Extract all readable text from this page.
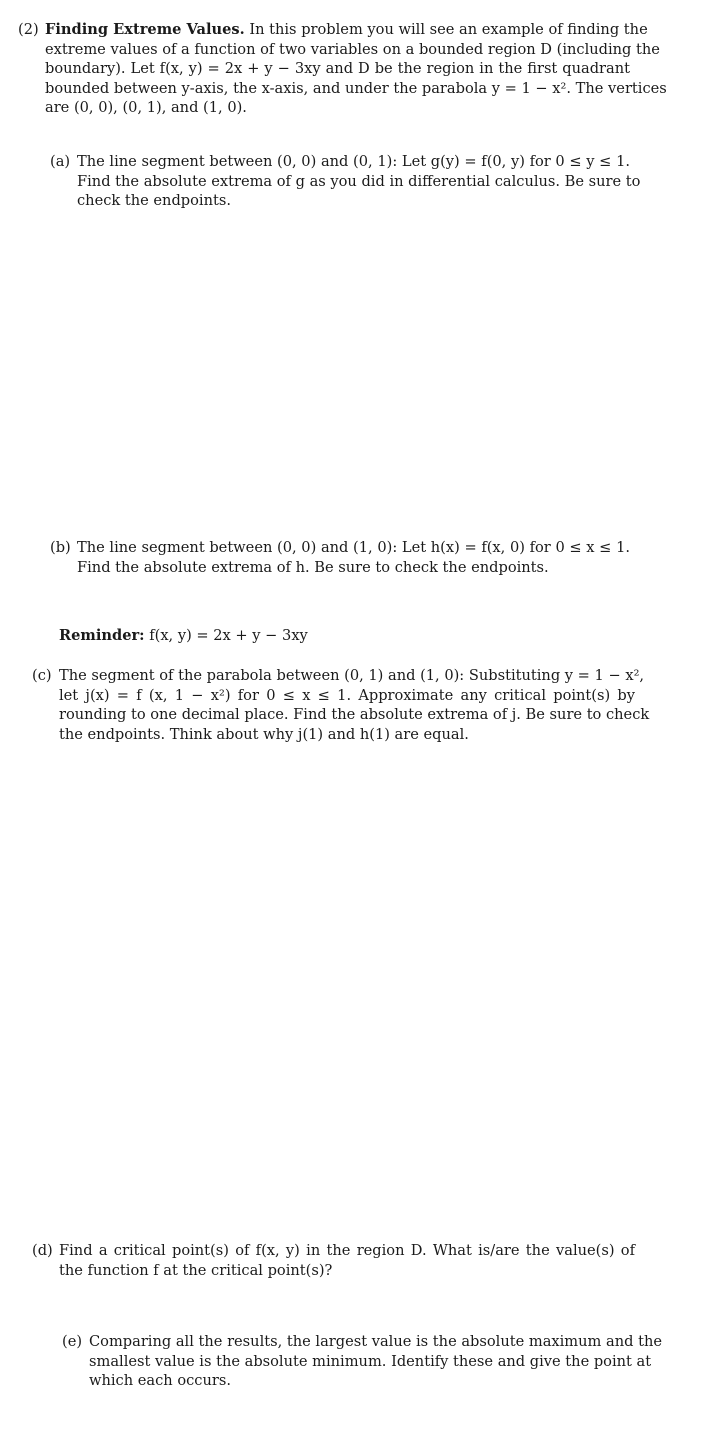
(2) Finding Extreme Values. In this problem you will see an example of finding the
extreme values of a function of two variables on a bounded region D (including the
boundary). Let f(x, y) = 2x + y − 3xy and D be the region in the first quadrant
bounded between y-axis, the x-axis, and under the parabola y = 1 − x². The vertices
are (0, 0), (0, 1), and (1, 0).
(a) The line segment between (0, 0) and (0, 1): Let g(y) = f(0, y) for 0 ≤ y ≤ 1.
Find the absolute extrema of g as you did in differential calculus. Be sure to
check the endpoints.
(b) The line segment between (0, 0) and (1, 0): Let h(x) = f(x, 0) for 0 ≤ x ≤ 1.
Find the absolute extrema of h. Be sure to check the endpoints.
Reminder: f(x, y) = 2x + y − 3xy
(c) The segment of the parabola between (0, 1) and (1, 0): Substituting y = 1 − x²,
let j(x) = f (x, 1 − x²) for 0 ≤ x ≤ 1. Approximate any critical point(s) by
rounding to one decimal place. Find the absolute extrema of j. Be sure to check
the endpoints. Think about why j(1) and h(1) are equal.
(d) Find a critical point(s) of f(x, y) in the region D. What is/are the value(s) of
the function f at the critical point(s)?
(e) Comparing all the results, the largest value is the absolute maximum and the
smallest value is the absolute minimum. Identify these and give the point at
which each occurs.
